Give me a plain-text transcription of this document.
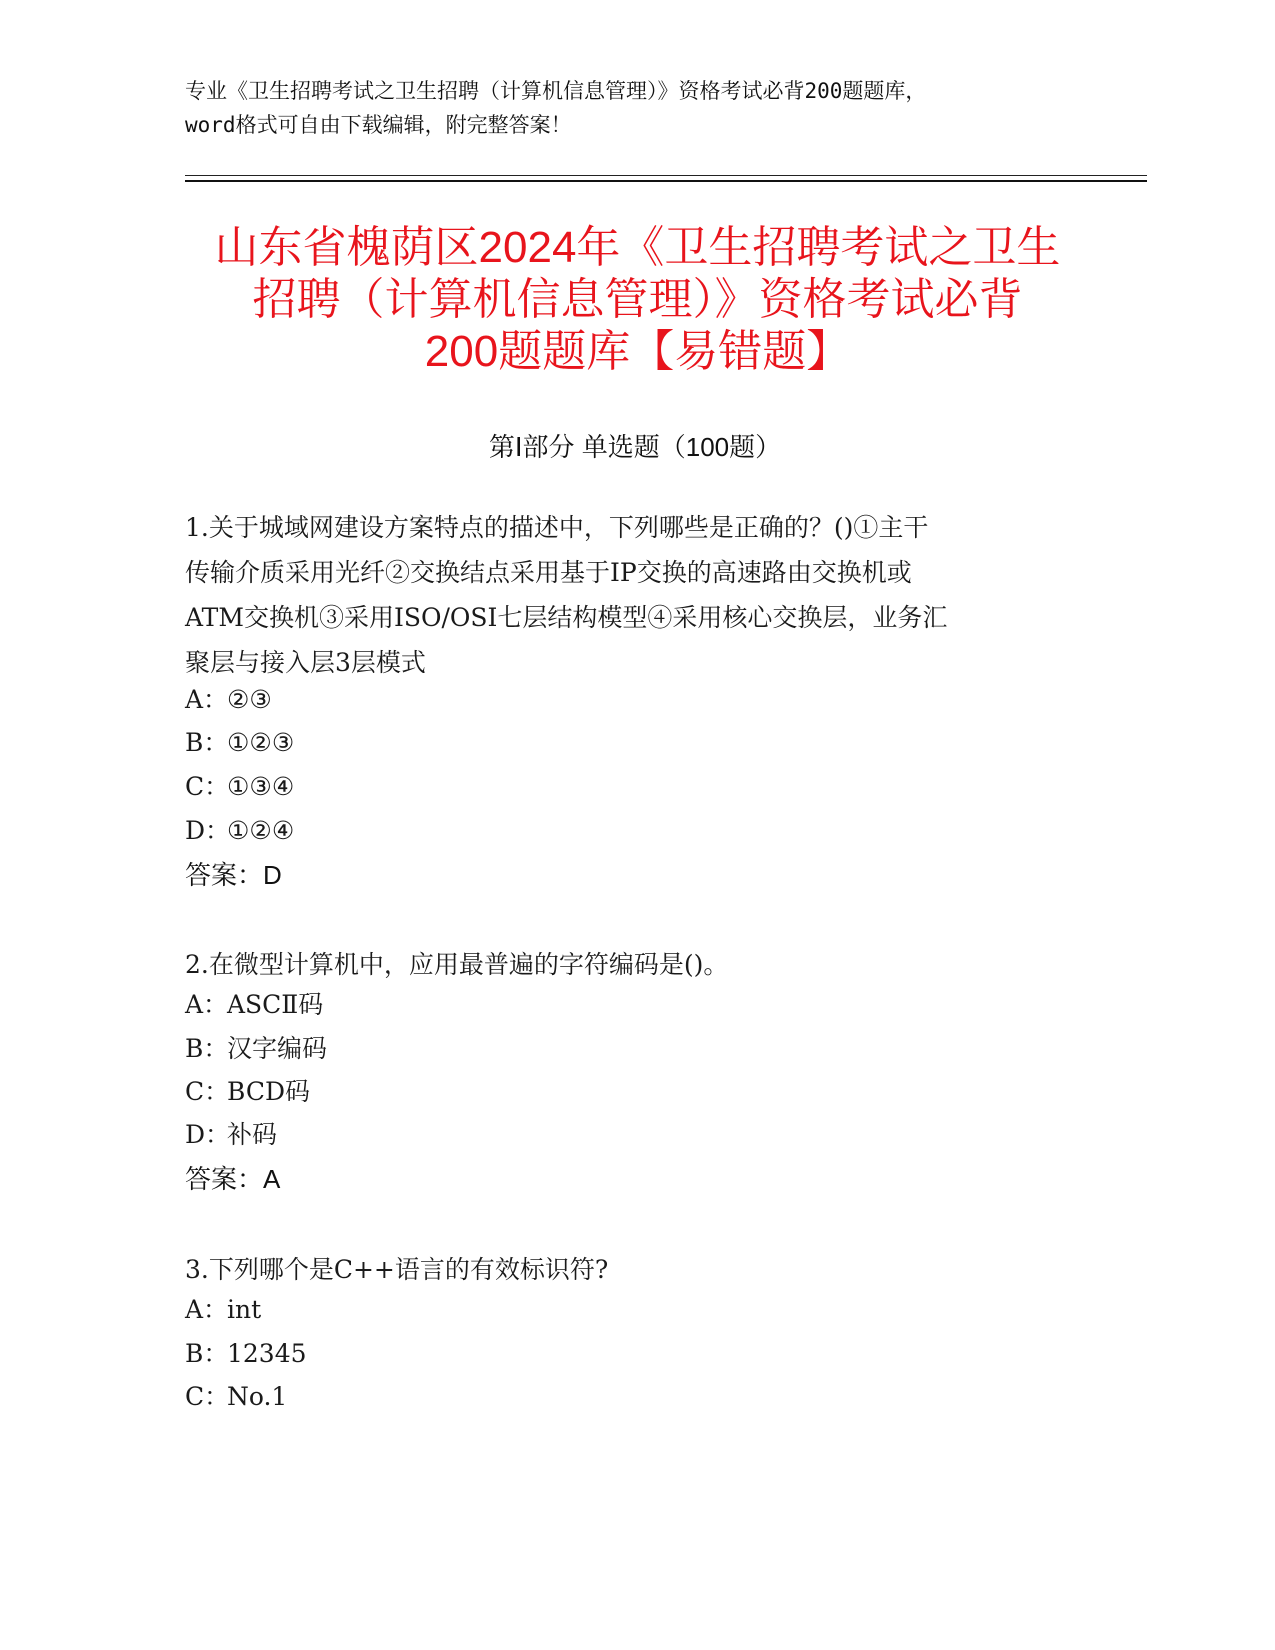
专业《卫生招聘考试之卫生招聘（计算机信息管理）》资格考试必背200题题库，
word格式可自由下载编辑，附完整答案！
山东省槐荫区2024年《卫生招聘考试之卫生
招聘（计算机信息管理）》资格考试必背
200题题库【易错题】
第Ⅰ部分 单选题（100题）
1.关于城域网建设方案特点的描述中，下列哪些是正确的？()①主干
传输介质采用光纤②交换结点采用基于IP交换的高速路由交换机或
ATM交换机③采用ISO/OSI七层结构模型④采用核心交换层，业务汇
聚层与接入层3层模式
A：②③
B：①②③
C：①③④
D：①②④
答案：D
2.在微型计算机中，应用最普遍的字符编码是()。
A：ASCⅡ码
B：汉字编码
C：BCD码
D：补码
答案：A
3.下列哪个是C++语言的有效标识符?
A：int
B：12345
C：No.1
